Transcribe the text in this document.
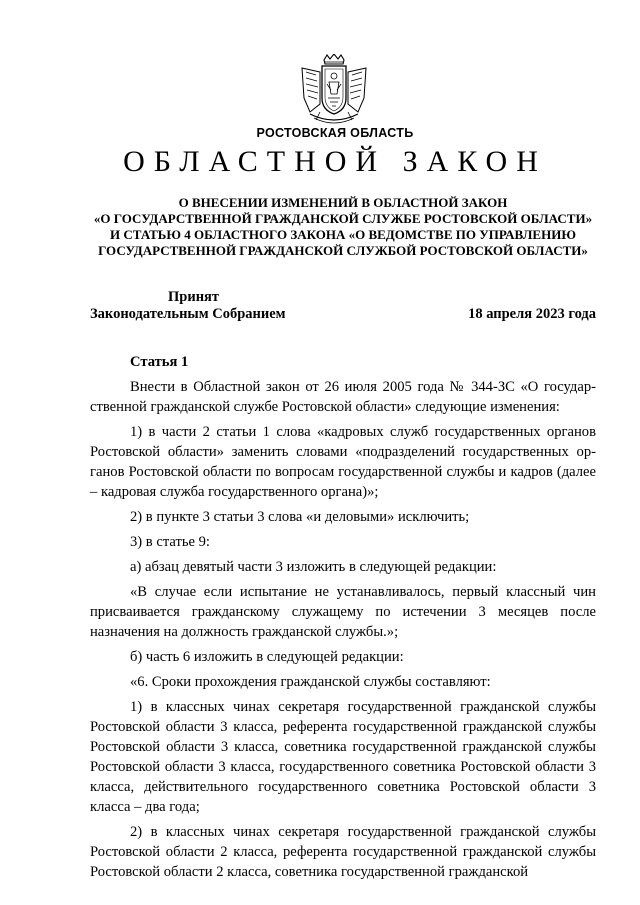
РОСТОВСКАЯ ОБЛАСТЬ
ОБЛАСТНОЙ ЗАКОН
О ВНЕСЕНИИ ИЗМЕНЕНИЙ В ОБЛАСТНОЙ ЗАКОН
«О ГОСУДАРСТВЕННОЙ ГРАЖДАНСКОЙ СЛУЖБЕ РОСТОВСКОЙ ОБЛАСТИ»
И СТАТЬЮ 4 ОБЛАСТНОГО ЗАКОНА «О ВЕДОМСТВЕ ПО УПРАВЛЕНИЮ
ГОСУДАРСТВЕННОЙ ГРАЖДАНСКОЙ СЛУЖБОЙ РОСТОВСКОЙ ОБЛАСТИ»
Принят
Законодательным Собранием	18 апреля 2023 года
Статья 1

Внести в Областной закон от 26 июля 2005 года № 344-ЗС «О государственной гражданской службе Ростовской области» следующие изменения:

1) в части 2 статьи 1 слова «кадровых служб государственных органов Ростовской области» заменить словами «подразделений государственных органов Ростовской области по вопросам государственной службы и кадров (далее – кадровая служба государственного органа)»;

2) в пункте 3 статьи 3 слова «и деловыми» исключить;

3) в статье 9:

а) абзац девятый части 3 изложить в следующей редакции:

«В случае если испытание не устанавливалось, первый классный чин присваивается гражданскому служащему по истечении 3 месяцев после назначения на должность гражданской службы.»;

б) часть 6 изложить в следующей редакции:

«6. Сроки прохождения гражданской службы составляют:

1) в классных чинах секретаря государственной гражданской службы Ростовской области 3 класса, референта государственной гражданской службы Ростовской области 3 класса, советника государственной гражданской службы Ростовской области 3 класса, государственного советника Ростовской области 3 класса, действительного государственного советника Ростовской области 3 класса – два года;

2) в классных чинах секретаря государственной гражданской службы Ростовской области 2 класса, референта государственной гражданской службы Ростовской области 2 класса, советника государственной гражданской
